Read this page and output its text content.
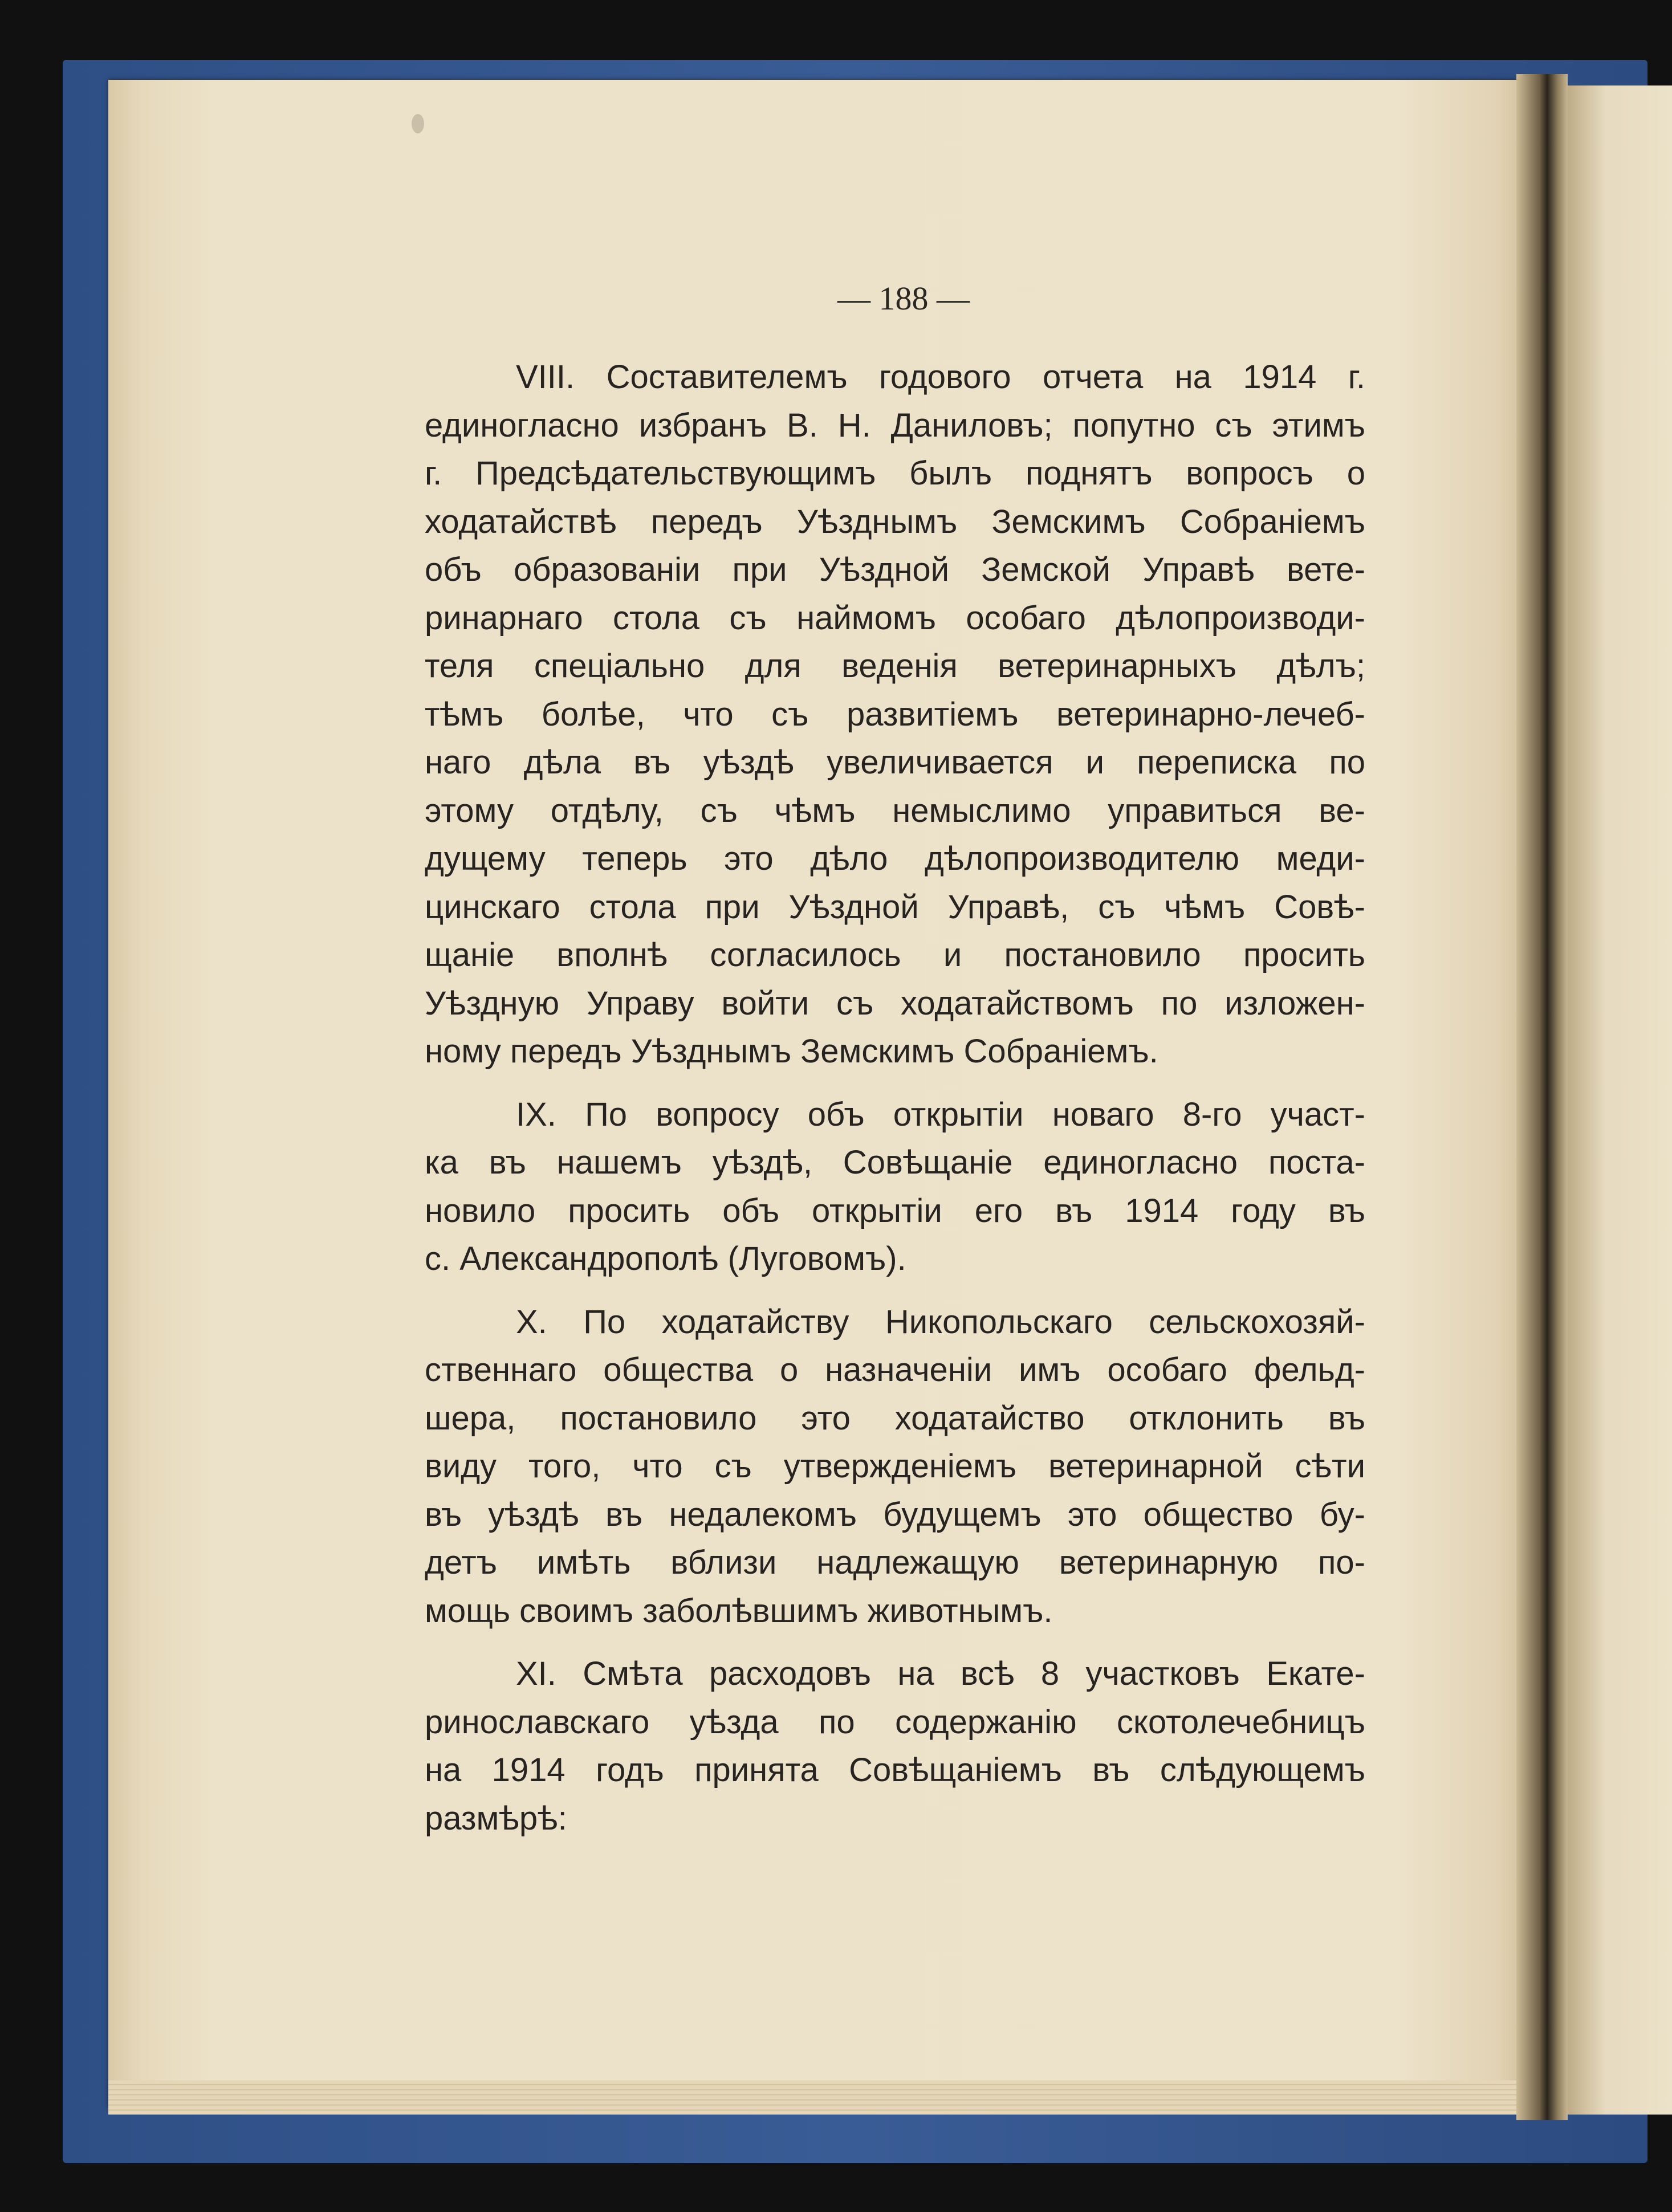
— 188 —
VIII. Составителемъ годового отчета на 1914 г.
единогласно избранъ В. Н. Даниловъ; попутно съ этимъ
г. Предсѣдательствующимъ былъ поднятъ вопросъ о
ходатайствѣ передъ Уѣзднымъ Земскимъ Собраніемъ
объ образованіи при Уѣздной Земской Управѣ вете-
ринарнаго стола съ наймомъ особаго дѣлопроизводи-
теля спеціально для веденія ветеринарныхъ дѣлъ;
тѣмъ болѣе, что съ развитіемъ ветеринарно-лечеб-
наго дѣла въ уѣздѣ увеличивается и переписка по
этому отдѣлу, съ чѣмъ немыслимо управиться ве-
дущему теперь это дѣло дѣлопроизводителю меди-
цинскаго стола при Уѣздной Управѣ, съ чѣмъ Совѣ-
щаніе вполнѣ согласилось и постановило просить
Уѣздную Управу войти съ ходатайствомъ по изложен-
ному передъ Уѣзднымъ Земскимъ Собраніемъ.
IX. По вопросу объ открытіи новаго 8-го участ-
ка въ нашемъ уѣздѣ, Совѣщаніе единогласно поста-
новило просить объ открытіи его въ 1914 году въ
с. Александрополѣ (Луговомъ).
X. По ходатайству Никопольскаго сельскохозяй-
ственнаго общества о назначеніи имъ особаго фельд-
шера, постановило это ходатайство отклонить въ
виду того, что съ утвержденіемъ ветеринарной сѣти
въ уѣздѣ въ недалекомъ будущемъ это общество бу-
детъ имѣть вблизи надлежащую ветеринарную по-
мощь своимъ заболѣвшимъ животнымъ.
XI. Смѣта расходовъ на всѣ 8 участковъ Екате-
ринославскаго уѣзда по содержанію скотолечебницъ
на 1914 годъ принята Совѣщаніемъ въ слѣдующемъ
размѣрѣ:
